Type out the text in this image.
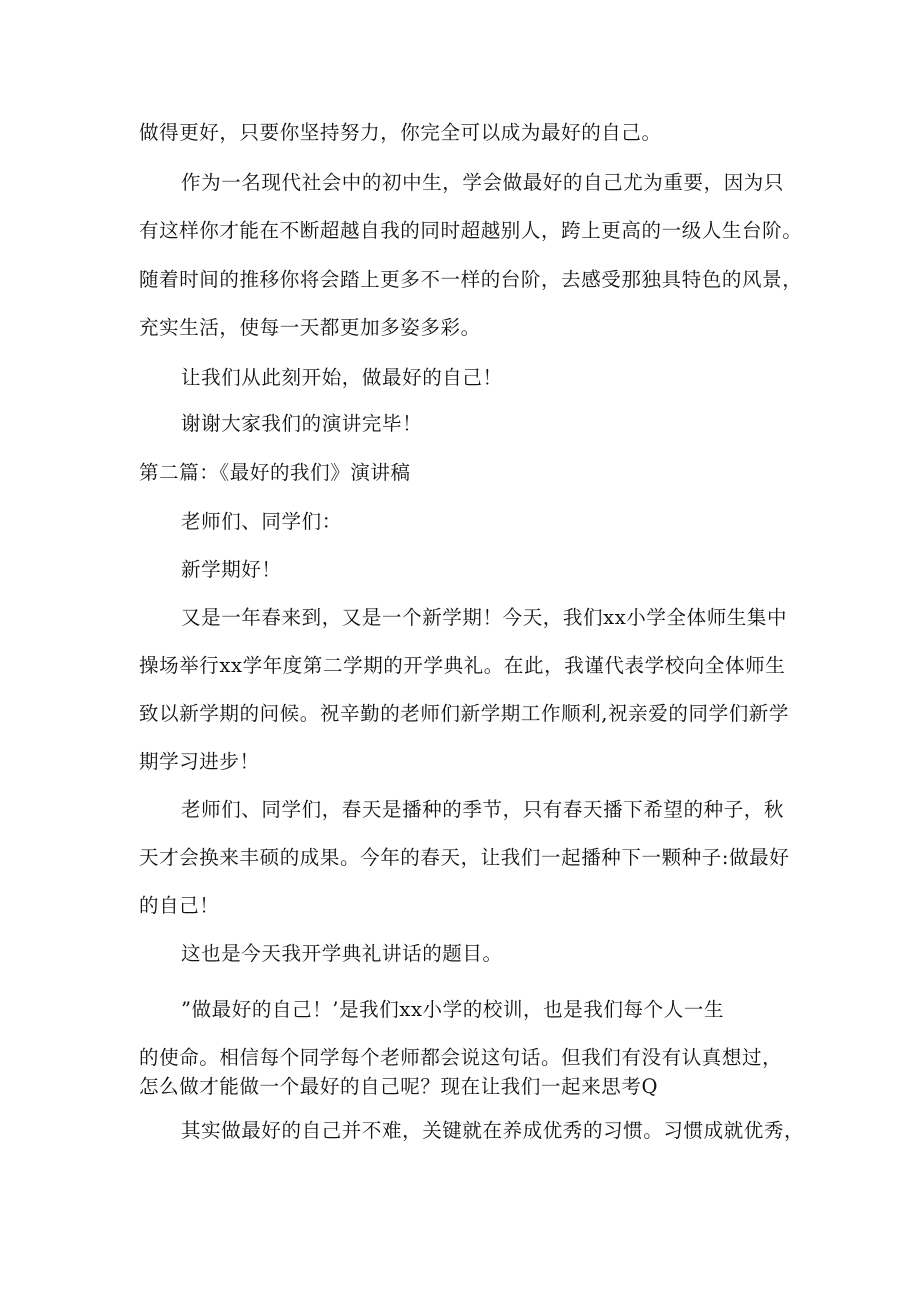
做得更好，只要你坚持努力，你完全可以成为最好的自己。
作为一名现代社会中的初中生，学会做最好的自己尤为重要，因为只
有这样你才能在不断超越自我的同时超越别人，跨上更高的一级人生台阶。
随着时间的推移你将会踏上更多不一样的台阶，去感受那独具特色的风景，
充实生活，使每一天都更加多姿多彩。
让我们从此刻开始，做最好的自己！
谢谢大家我们的演讲完毕！
第二篇：《最好的我们》演讲稿
老师们、同学们：
新学期好！
又是一年春来到，又是一个新学期！今天，我们xx小学全体师生集中
操场举行xx学年度第二学期的开学典礼。在此，我谨代表学校向全体师生
致以新学期的问候。祝辛勤的老师们新学期工作顺利,祝亲爱的同学们新学
期学习进步！
老师们、同学们，春天是播种的季节，只有春天播下希望的种子，秋
天才会换来丰硕的成果。今年的春天，让我们一起播种下一颗种子:做最好
的自己！
这也是今天我开学典礼讲话的题目。
”做最好的自己！’是我们xx小学的校训，也是我们每个人一生
的使命。相信每个同学每个老师都会说这句话。但我们有没有认真想过，
怎么做才能做一个最好的自己呢？现在让我们一起来思考Q
其实做最好的自己并不难，关键就在养成优秀的习惯。习惯成就优秀，
